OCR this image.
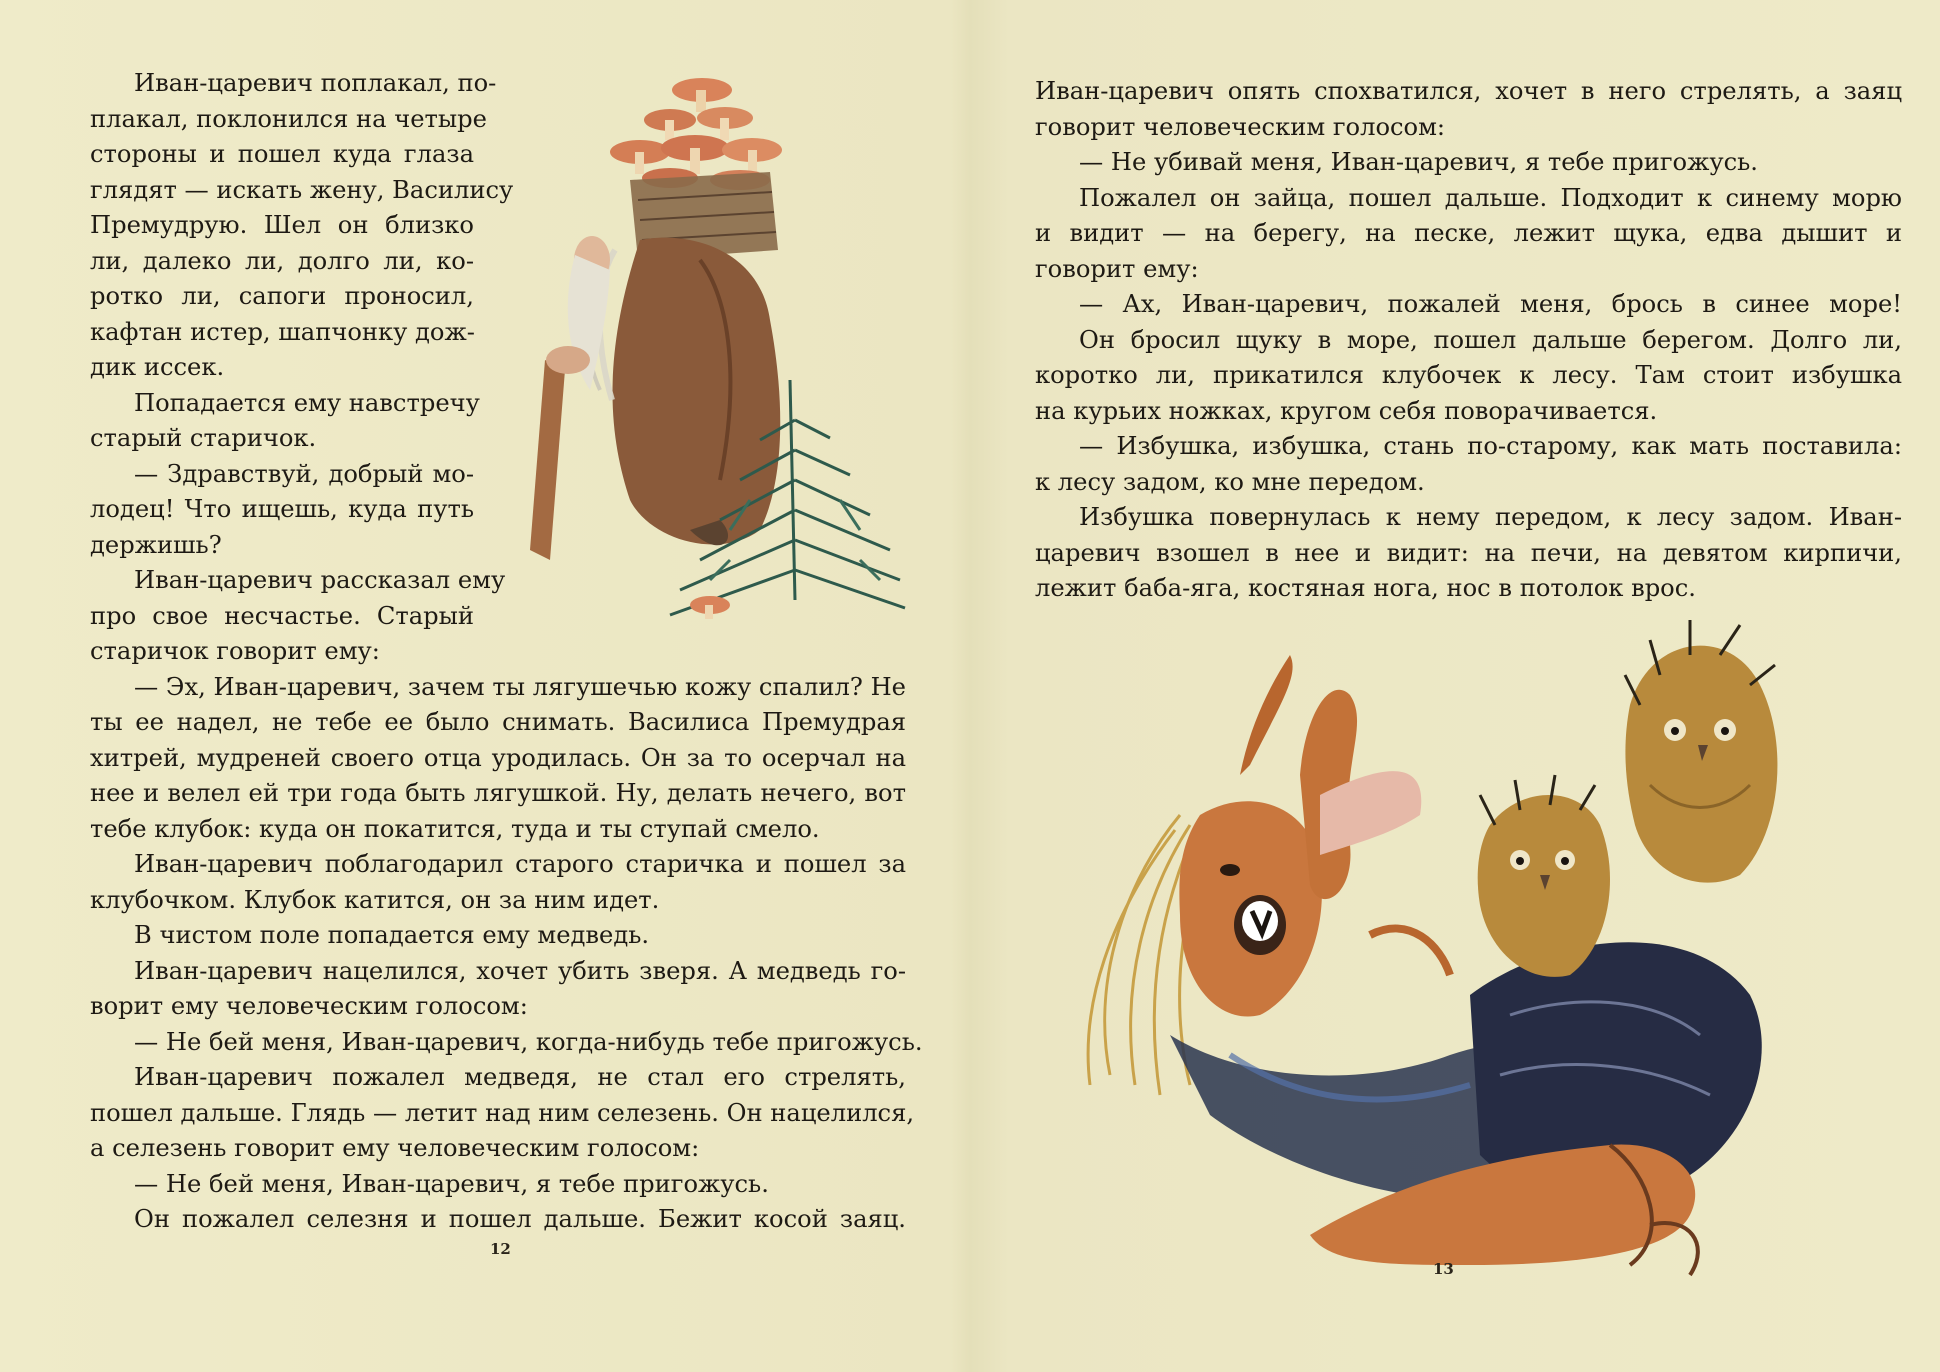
Иван-царевич поплакал, по-

плакал, поклонился на четыре

стороны и пошел куда глаза

глядят — искать жену, Василису

Премудрую. Шел он близко

ли, далеко ли, долго ли, ко-

ротко ли, сапоги проносил,

кафтан истер, шапчонку дож-

дик иссек.

Попадается ему навстречу

старый старичок.

— Здравствуй, добрый мо-

лодец! Что ищешь, куда путь

держишь?

Иван-царевич рассказал ему

про свое несчастье. Старый

старичок говорит ему:

— Эх, Иван-царевич, зачем ты лягушечью кожу спалил? Не

ты ее надел, не тебе ее было снимать. Василиса Премудрая

хитрей, мудреней своего отца уродилась. Он за то осерчал на

нее и велел ей три года быть лягушкой. Ну, делать нечего, вот

тебе клубок: куда он покатится, туда и ты ступай смело.

Иван-царевич поблагодарил старого старичка и пошел за

клубочком. Клубок катится, он за ним идет.

В чистом поле попадается ему медведь.

Иван-царевич нацелился, хочет убить зверя. А медведь го-

ворит ему человеческим голосом:

— Не бей меня, Иван-царевич, когда-нибудь тебе пригожусь.

Иван-царевич пожалел медведя, не стал его стрелять,

пошел дальше. Глядь — летит над ним селезень. Он нацелился,

а селезень говорит ему человеческим голосом:

— Не бей меня, Иван-царевич, я тебе пригожусь.

Он пожалел селезня и пошел дальше. Бежит косой заяц.

12

Иван-царевич опять спохватился, хочет в него стрелять, а заяц

говорит человеческим голосом:

— Не убивай меня, Иван-царевич, я тебе пригожусь.

Пожалел он зайца, пошел дальше. Подходит к синему морю

и видит — на берегу, на песке, лежит щука, едва дышит и

говорит ему:

— Ах, Иван-царевич, пожалей меня, брось в синее море!

Он бросил щуку в море, пошел дальше берегом. Долго ли,

коротко ли, прикатился клубочек к лесу. Там стоит избушка

на курьих ножках, кругом себя поворачивается.

— Избушка, избушка, стань по-старому, как мать поставила:

к лесу задом, ко мне передом.

Избушка повернулась к нему передом, к лесу задом. Иван-

царевич взошел в нее и видит: на печи, на девятом кирпичи,

лежит баба-яга, костяная нога, нос в потолок врос.

13
